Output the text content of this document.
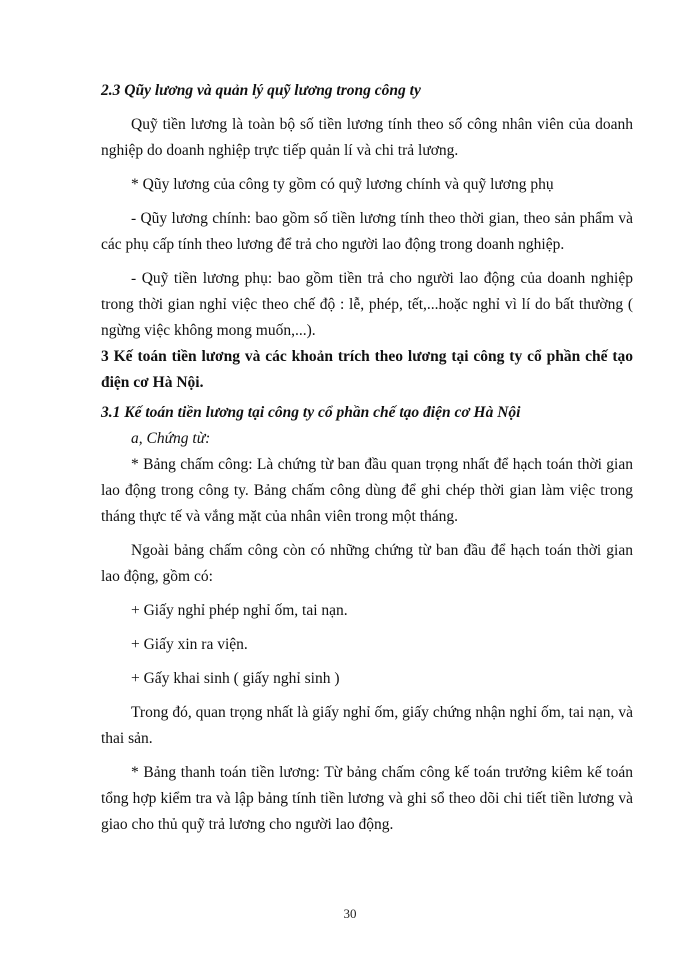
2.3 Qũy lương và quản lý quỹ lương trong công ty

Quỹ tiền lương là toàn bộ số tiền lương tính theo số công nhân viên của doanh nghiệp do doanh nghiệp trực tiếp quản lí và chi trả lương.

* Qũy lương của công ty gồm có quỹ lương chính và quỹ lương phụ

- Qũy lương chính: bao gồm số tiền lương tính theo thời gian, theo sản phẩm và các phụ cấp tính theo lương để trả cho người lao động trong doanh nghiệp.

- Quỹ tiền lương phụ: bao gồm tiền trả cho người lao động của doanh nghiệp trong thời gian nghỉ việc theo chế độ : lễ, phép, tết,...hoặc nghỉ vì lí do bất thường ( ngừng việc không mong muốn,...).

3 Kế toán tiền lương và các khoản trích theo lương tại công ty cổ phần chế tạo điện cơ Hà Nội.

3.1 Kế toán tiền lương tại công ty cổ phần chế tạo điện cơ Hà Nội

a, Chứng từ:

* Bảng chấm công: Là chứng từ ban đầu quan trọng nhất để hạch toán thời gian lao động trong công ty. Bảng chấm công dùng để ghi chép thời gian làm việc trong tháng thực tế và vắng mặt của nhân viên trong một tháng.

Ngoài bảng chấm công còn có những chứng từ ban đầu để hạch toán thời gian lao động, gồm có:

+ Giấy nghỉ phép nghỉ ốm, tai nạn.

+ Giấy xin ra viện.

+ Gấy khai sinh ( giấy nghỉ sinh )

Trong đó, quan trọng nhất là giấy nghỉ ốm, giấy chứng nhận nghỉ ốm, tai nạn, và thai sản.

* Bảng thanh toán tiền lương: Từ bảng chấm công kế toán trưởng kiêm kế toán tổng hợp kiểm tra và lập bảng tính tiền lương và ghi sổ theo dõi chi tiết tiền lương và giao cho thủ quỹ trả lương cho người lao động.

30
